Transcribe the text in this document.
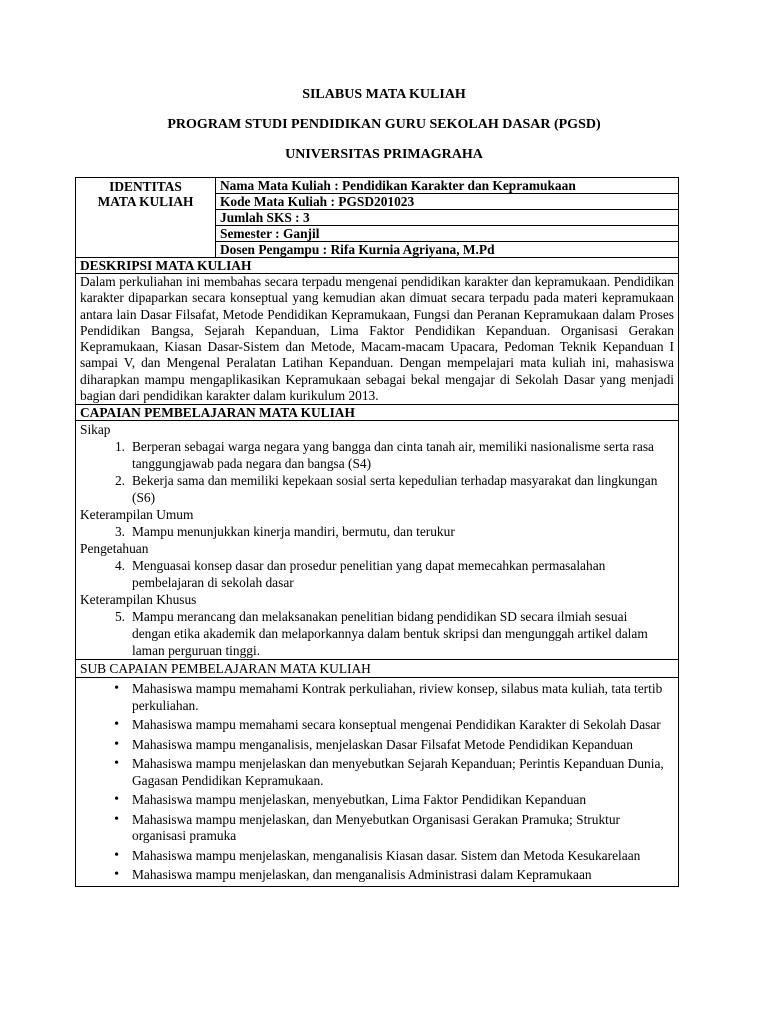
SILABUS MATA KULIAH
PROGRAM STUDI PENDIDIKAN GURU SEKOLAH DASAR (PGSD)
UNIVERSITAS PRIMAGRAHA
IDENTITAS
MATA KULIAH
	Nama Mata Kuliah : Pendidikan Karakter dan Kepramukaan
Kode Mata Kuliah : PGSD201023
Jumlah SKS : 3
Semester : Ganjil
Dosen Pengampu : Rifa Kurnia Agriyana, M.Pd
DESKRIPSI MATA KULIAH
Dalam perkuliahan ini membahas secara terpadu mengenai pendidikan karakter dan kepramukaan. Pendidikan karakter dipaparkan secara konseptual yang kemudian akan dimuat secara terpadu pada materi kepramukaan antara lain Dasar Filsafat, Metode Pendidikan Kepramukaan, Fungsi dan Peranan Kepramukaan dalam Proses Pendidikan Bangsa, Sejarah Kepanduan, Lima Faktor Pendidikan Kepanduan. Organisasi Gerakan Kepramukaan, Kiasan Dasar-Sistem dan Metode, Macam-macam Upacara, Pedoman Teknik Kepanduan I sampai V, dan Mengenal Peralatan Latihan Kepanduan. Dengan mempelajari mata kuliah ini, mahasiswa diharapkan mampu mengaplikasikan Kepramukaan sebagai bekal mengajar di Sekolah Dasar yang menjadi bagian dari pendidikan karakter dalam kurikulum 2013.
CAPAIAN PEMBELAJARAN MATA KULIAH

Sikap
1. Berperan sebagai warga negara yang bangga dan cinta tanah air, memiliki nasionalisme serta rasa tanggungjawab pada negara dan bangsa (S4)
2. Bekerja sama dan memiliki kepekaan sosial serta kepedulian terhadap masyarakat dan lingkungan (S6)
Keterampilan Umum
3. Mampu menunjukkan kinerja mandiri, bermutu, dan terukur
Pengetahuan
4. Menguasai konsep dasar dan prosedur penelitian yang dapat memecahkan permasalahan pembelajaran di sekolah dasar
Keterampilan Khusus
5. Mampu merancang dan melaksanakan penelitian bidang pendidikan SD secara ilmiah sesuai dengan etika akademik dan melaporkannya dalam bentuk skripsi dan mengunggah artikel dalam laman perguruan tinggi.

SUB CAPAIAN PEMBELAJARAN MATA KULIAH

• Mahasiswa mampu memahami Kontrak perkuliahan, riview konsep, silabus mata kuliah, tata tertib perkuliahan.
• Mahasiswa mampu memahami secara konseptual mengenai Pendidikan Karakter di Sekolah Dasar
• Mahasiswa mampu menganalisis, menjelaskan Dasar Filsafat Metode Pendidikan Kepanduan
• Mahasiswa mampu menjelaskan dan menyebutkan Sejarah Kepanduan; Perintis Kepanduan Dunia, Gagasan Pendidikan Kepramukaan.
• Mahasiswa mampu menjelaskan, menyebutkan, Lima Faktor Pendidikan Kepanduan
• Mahasiswa mampu menjelaskan, dan Menyebutkan Organisasi Gerakan Pramuka; Struktur organisasi pramuka
• Mahasiswa mampu menjelaskan, menganalisis Kiasan dasar. Sistem dan Metoda Kesukarelaan
• Mahasiswa mampu menjelaskan, dan menganalisis Administrasi dalam Kepramukaan
